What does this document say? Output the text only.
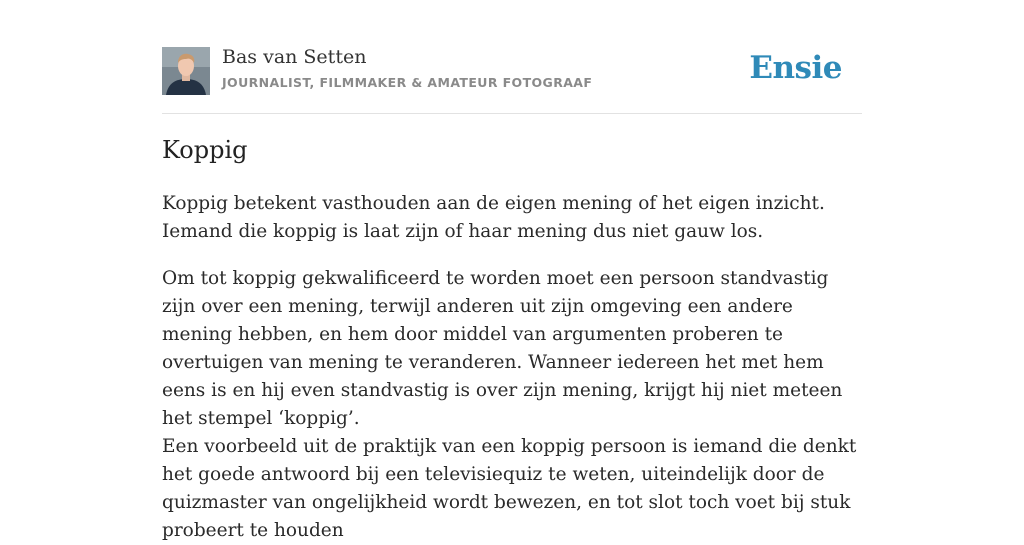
Bas van Setten
JOURNALIST, FILMMAKER & AMATEUR FOTOGRAAF	Ensie
Koppig

Koppig betekent vasthouden aan de eigen mening of het eigen inzicht. Iemand die koppig is laat zijn of haar mening dus niet gauw los.

Om tot koppig gekwalificeerd te worden moet een persoon standvastig zijn over een mening, terwijl anderen uit zijn omgeving een andere mening hebben, en hem door middel van argumenten proberen te overtuigen van mening te veranderen. Wanneer iedereen het met hem eens is en hij even standvastig is over zijn mening, krijgt hij niet meteen het stempel ‘koppig’.

Een voorbeeld uit de praktijk van een koppig persoon is iemand die denkt het goede antwoord bij een televisiequiz te weten, uiteindelijk door de quizmaster van ongelijkheid wordt bewezen, en tot slot toch voet bij stuk probeert te houden
